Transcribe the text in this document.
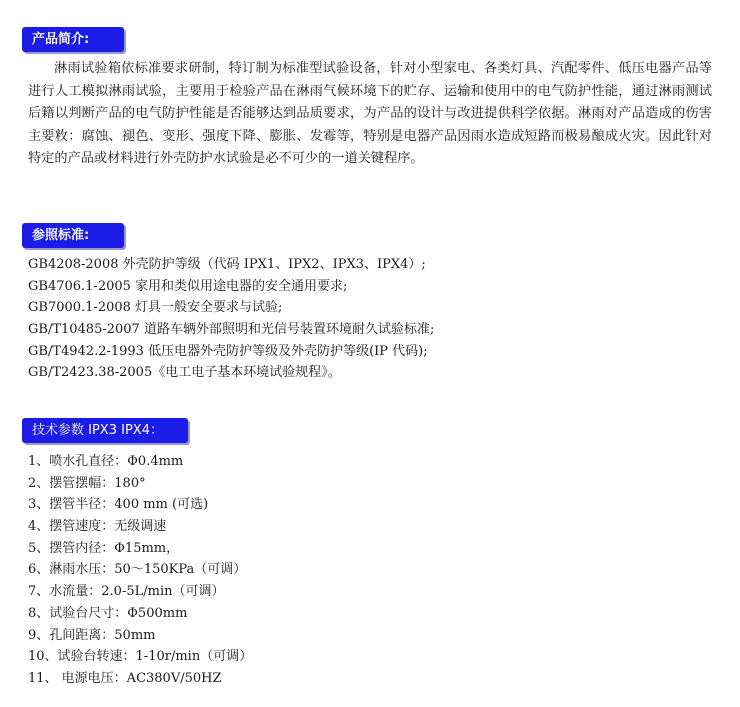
产品简介:

淋雨试验箱依标准要求研制，特订制为标准型试验设备，针对小型家电、各类灯具、汽配零件、低压电器产品等进行人工模拟淋雨试验，主要用于检验产品在淋雨气候环境下的贮存、运输和使用中的电气防护性能，通过淋雨测试后籍以判断产品的电气防护性能是否能够达到品质要求，为产品的设计与改进提供科学依据。淋雨对产品造成的伤害主要敉：腐蚀、褪色、变形、强度下降、膨胀、发霉等，特别是电器产品因雨水造成短路而极易酿成火灾。因此针对特定的产品或材料进行外壳防护水试验是必不可少的一道关键程序。

参照标准:
GB4208-2008 外壳防护等级（代码 IPX1、IPX2、IPX3、IPX4）;
GB4706.1-2005 家用和类似用途电器的安全通用要求;
GB7000.1-2008 灯具一般安全要求与试验;
GB/T10485-2007 道路车辆外部照明和光信号装置环境耐久试验标准;
GB/T4942.2-1993 低压电器外壳防护等级及外壳防护等级(IP 代码);
GB/T2423.38-2005《电工电子基本环境试验规程》。
技术参数 IPX3 IPX4：
1、喷水孔直径：Φ0.4mm
2、摆管摆幅：180°
3、摆管半径：400 mm (可选)
4、摆管速度：无级调速
5、摆管内径：Φ15mm，
6、淋雨水压：50～150KPa（可调）
7、水流量：2.0-5L/min（可调）
8、试验台尺寸：Φ500mm
9、孔间距离：50mm
10、试验台转速：1-10r/min（可调）
11、 电源电压：AC380V/50HZ
